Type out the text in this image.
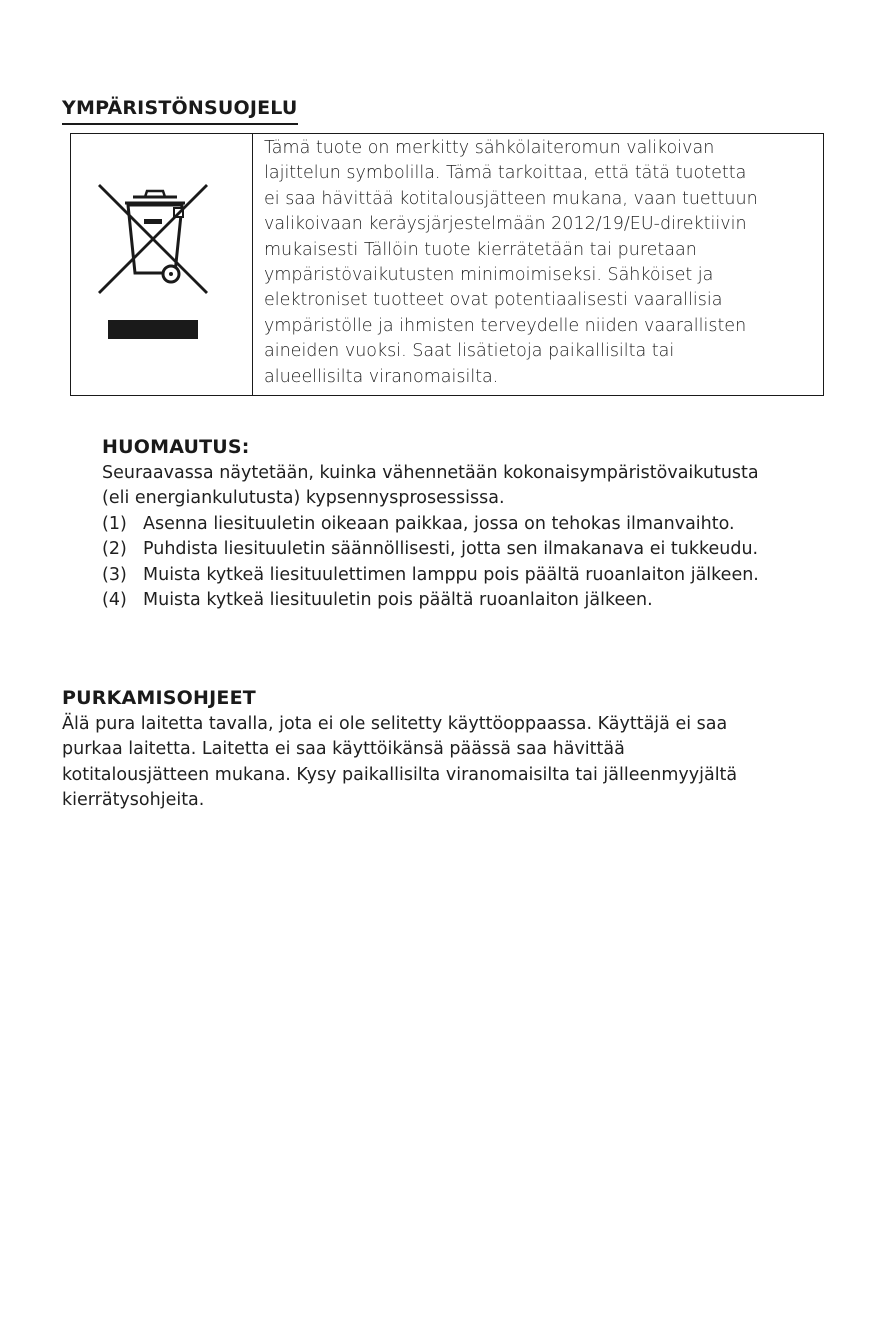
YMPÄRISTÖNSUOJELU
Tämä tuote on merkitty sähkölaiteromun valikoivan
lajittelun symbolilla. Tämä tarkoittaa, että tätä tuotetta
ei saa hävittää kotitalousjätteen mukana, vaan tuettuun
valikoivaan keräysjärjestelmään 2012/19/EU-direktiivin
mukaisesti Tällöin tuote kierrätetään tai puretaan
ympäristövaikutusten minimoimiseksi. Sähköiset ja
elektroniset tuotteet ovat potentiaalisesti vaarallisia
ympäristölle ja ihmisten terveydelle niiden vaarallisten
aineiden vuoksi. Saat lisätietoja paikallisilta tai
alueellisilta viranomaisilta.
HUOMAUTUS:
Seuraavassa näytetään, kuinka vähennetään kokonaisympäristövaikutusta
(eli energiankulutusta) kypsennysprosessissa.
(1) Asenna liesituuletin oikeaan paikkaa, jossa on tehokas ilmanvaihto.
(2) Puhdista liesituuletin säännöllisesti, jotta sen ilmakanava ei tukkeudu.
(3) Muista kytkeä liesituulettimen lamppu pois päältä ruoanlaiton jälkeen.
(4) Muista kytkeä liesituuletin pois päältä ruoanlaiton jälkeen.
PURKAMISOHJEET
Älä pura laitetta tavalla, jota ei ole selitetty käyttöoppaassa. Käyttäjä ei saa
purkaa laitetta. Laitetta ei saa käyttöikänsä päässä saa hävittää
kotitalousjätteen mukana. Kysy paikallisilta viranomaisilta tai jälleenmyyjältä
kierrätysohjeita.
